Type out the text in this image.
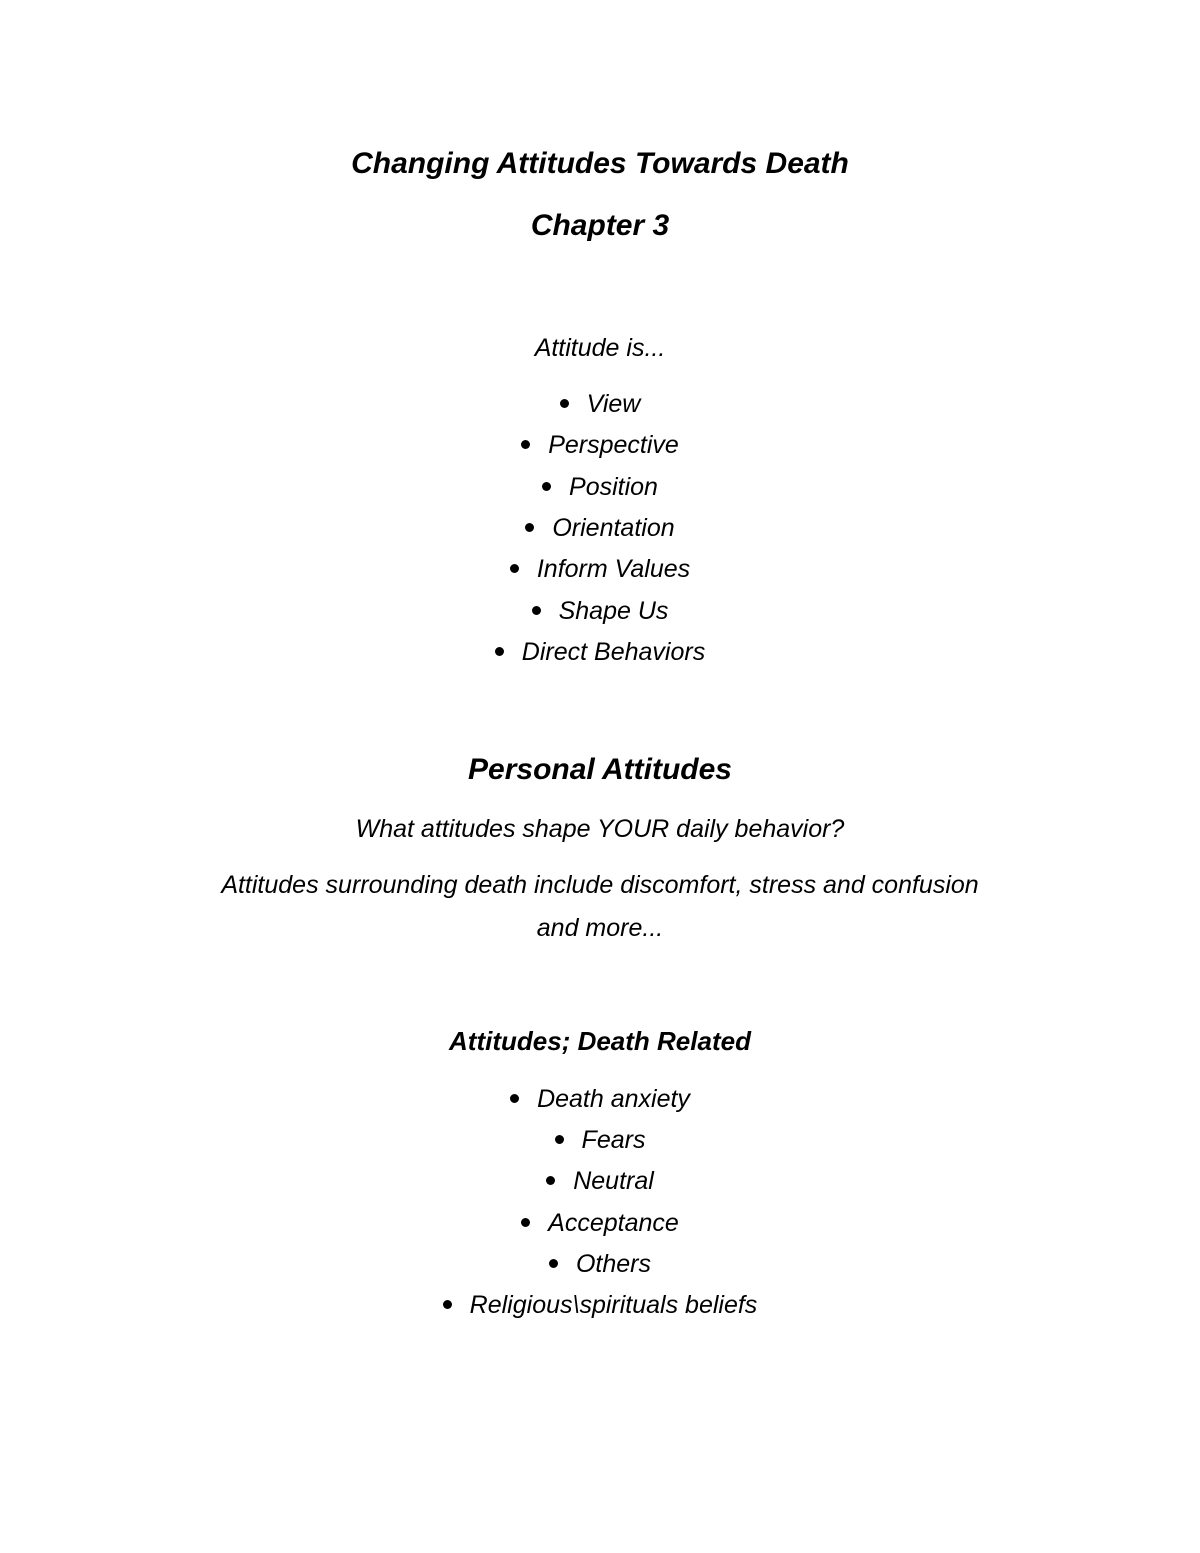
Changing Attitudes Towards Death
Chapter 3
Attitude is...
View
Perspective
Position
Orientation
Inform Values
Shape Us
Direct Behaviors
Personal Attitudes
What attitudes shape YOUR daily behavior?
Attitudes surrounding death include discomfort, stress and confusion
and more...
Attitudes; Death Related
Death anxiety
Fears
Neutral
Acceptance
Others
Religious\spirituals beliefs
